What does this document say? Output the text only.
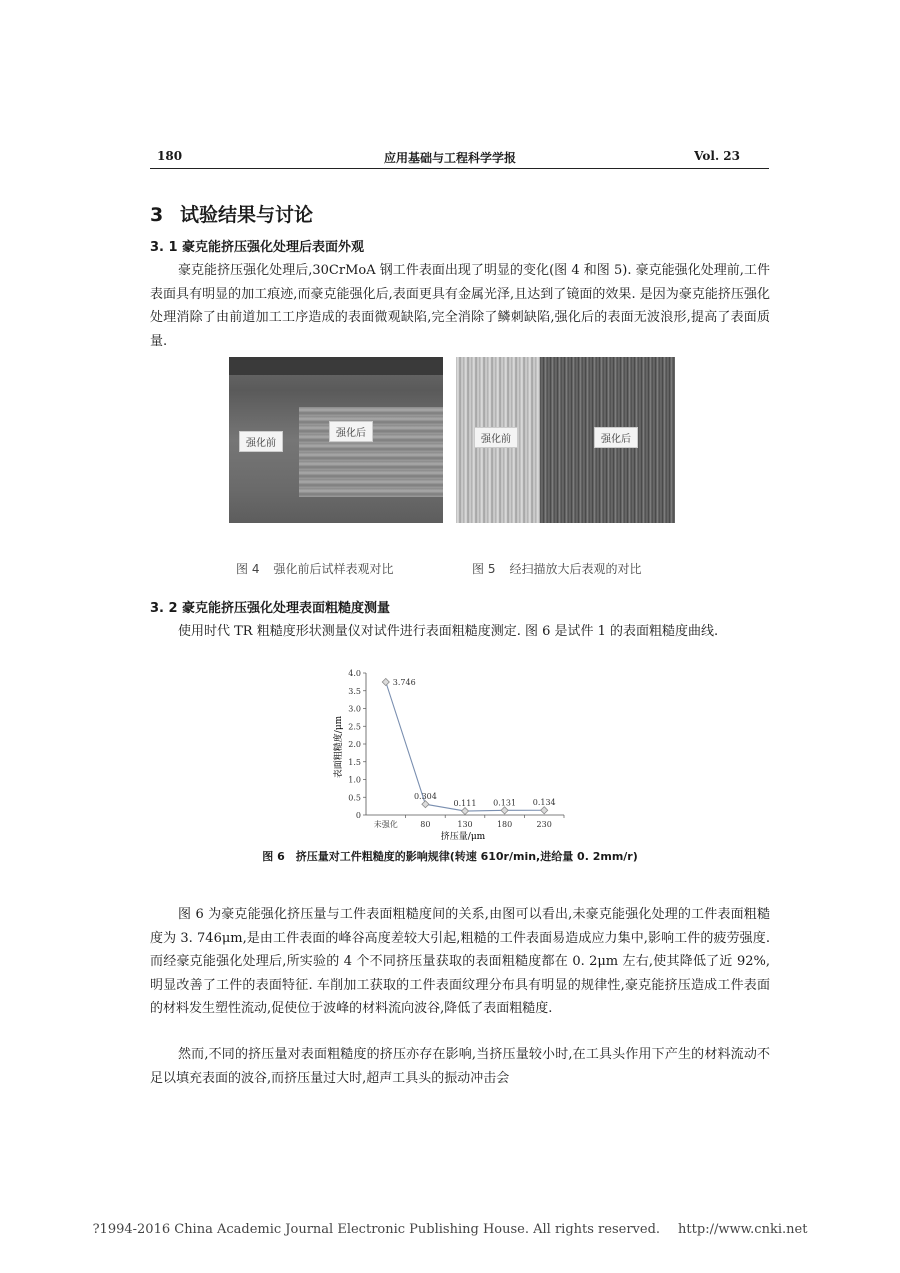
180	应用基础与工程科学学报	Vol. 23
3 试验结果与讨论
3. 1 豪克能挤压强化处理后表面外观
豪克能挤压强化处理后,30CrMoA 钢工件表面出现了明显的变化(图 4 和图 5). 豪克能强化处理前,工件表面具有明显的加工痕迹,而豪克能强化后,表面更具有金属光泽,且达到了镜面的效果. 是因为豪克能挤压强化处理消除了由前道加工工序造成的表面微观缺陷,完全消除了鳞刺缺陷,强化后的表面无波浪形,提高了表面质量.
强化前
强化后
强化前	强化后
图 4 强化前后试样表观对比	图 5 经扫描放大后表观的对比
3. 2 豪克能挤压强化处理表面粗糙度测量
使用时代 TR 粗糙度形状测量仪对试件进行表面粗糙度测定. 图 6 是试件 1 的表面粗糙度曲线.
0
0.5
1.0
1.5
2.0
2.5
3.0
3.5
4.0
未强化	80	130	180	230
3.746
0.304
0.111 0.131 0.134
挤压量/μm
表面粗糙度/μm
图 6　挤压量对工件粗糙度的影响规律(转速 610r/min,进给量 0. 2mm/r)
图 6 为豪克能强化挤压量与工件表面粗糙度间的关系,由图可以看出,未豪克能强化处理的工件表面粗糙度为 3. 746μm,是由工件表面的峰谷高度差较大引起,粗糙的工件表面易造成应力集中,影响工件的疲劳强度. 而经豪克能强化处理后,所实验的 4 个不同挤压量获取的表面粗糙度都在 0. 2μm 左右,使其降低了近 92%,明显改善了工件的表面特征. 车削加工获取的工件表面纹理分布具有明显的规律性,豪克能挤压造成工件表面的材料发生塑性流动,促使位于波峰的材料流向波谷,降低了表面粗糙度.
然而,不同的挤压量对表面粗糙度的挤压亦存在影响,当挤压量较小时,在工具头作用下产生的材料流动不足以填充表面的波谷,而挤压量过大时,超声工具头的振动冲击会
?1994-2016 China Academic Journal Electronic Publishing House. All rights reserved. http://www.cnki.net
